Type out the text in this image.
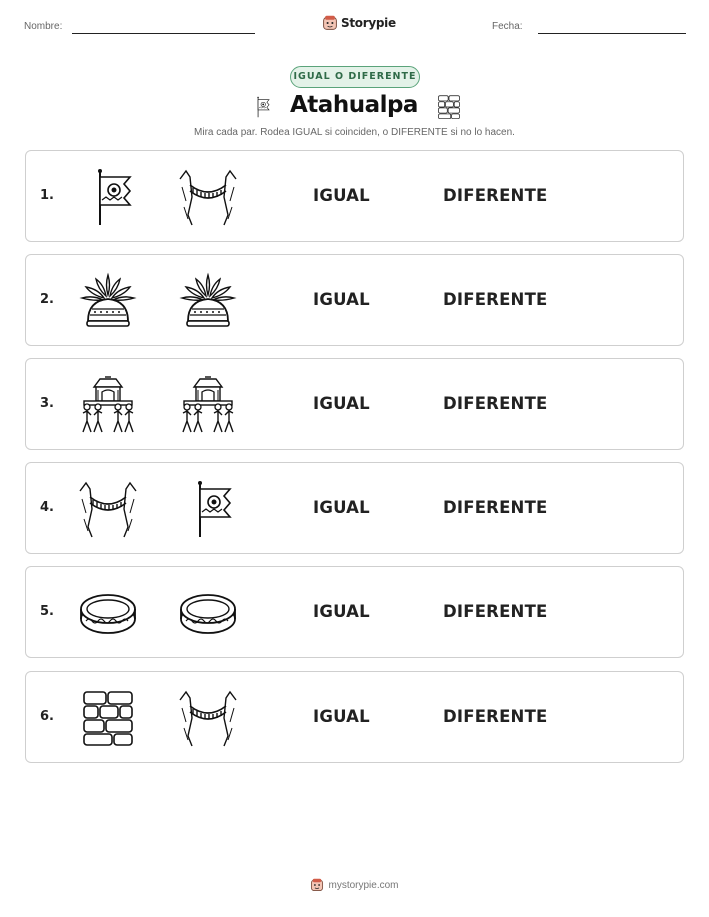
Nombre:	Storypie	Fecha:
IGUAL O DIFERENTE
Atahualpa
Mira cada par. Rodea IGUAL si coinciden, o DIFERENTE si no lo hacen.
1.	IGUAL	DIFERENTE
2.	IGUAL	DIFERENTE
3.	IGUAL	DIFERENTE
4.	IGUAL	DIFERENTE
5.	IGUAL	DIFERENTE
6.	IGUAL	DIFERENTE
mystorypie.com
